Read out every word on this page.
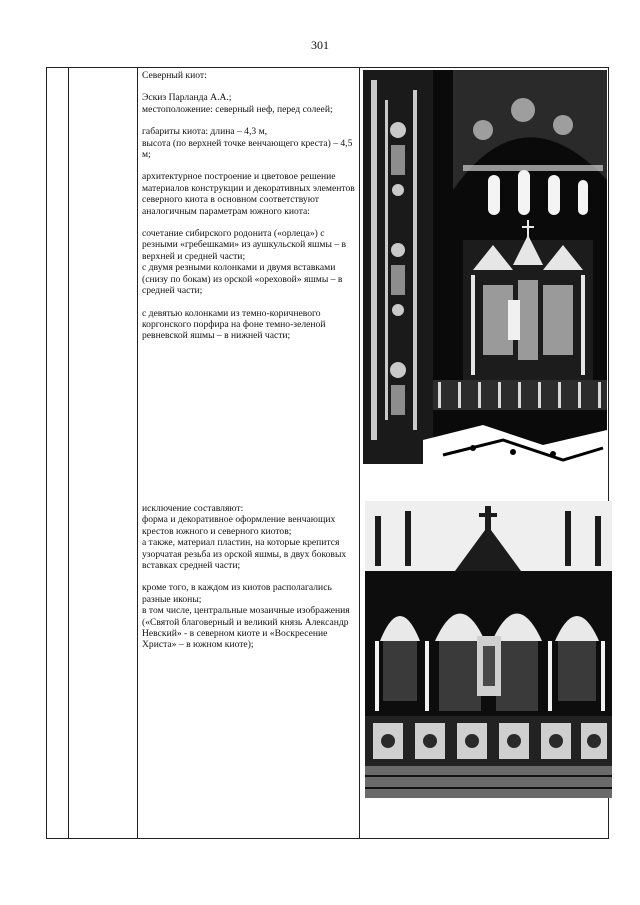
301

Северный киот:

Эскиз Парланда А.А.;
местоположение: северный неф, перед солеей;

габариты киота: длина – 4,3 м,
высота (по верхней точке венчающего креста) – 4,5 м;

архитектурное построение и цветовое решение материалов конструкции и декоративных элементов северного киота в основном соответствуют аналогичным параметрам южного киота:

сочетание сибирского родонита («орлеца») с резными «гребешками» из аушкульской яшмы – в верхней и средней части;
с двумя резными колонками и двумя вставками (снизу по бокам) из орской «ореховой» яшмы – в средней части;

с девятью колонками из темно-коричневого коргонского порфира на фоне темно-зеленой ревневской яшмы – в нижней части;

исключение составляют:
форма и декоративное оформление венчающих крестов южного и северного киотов;
а также, материал пластин, на которые крепится узорчатая резьба из орской яшмы, в двух боковых вставках средней части;

кроме того, в каждом из киотов располагались разные иконы;
в том числе, центральные мозаичные изображения («Святой благоверный и великий князь Александр Невский» - в северном киоте и «Воскресение Христа» – в южном киоте);
